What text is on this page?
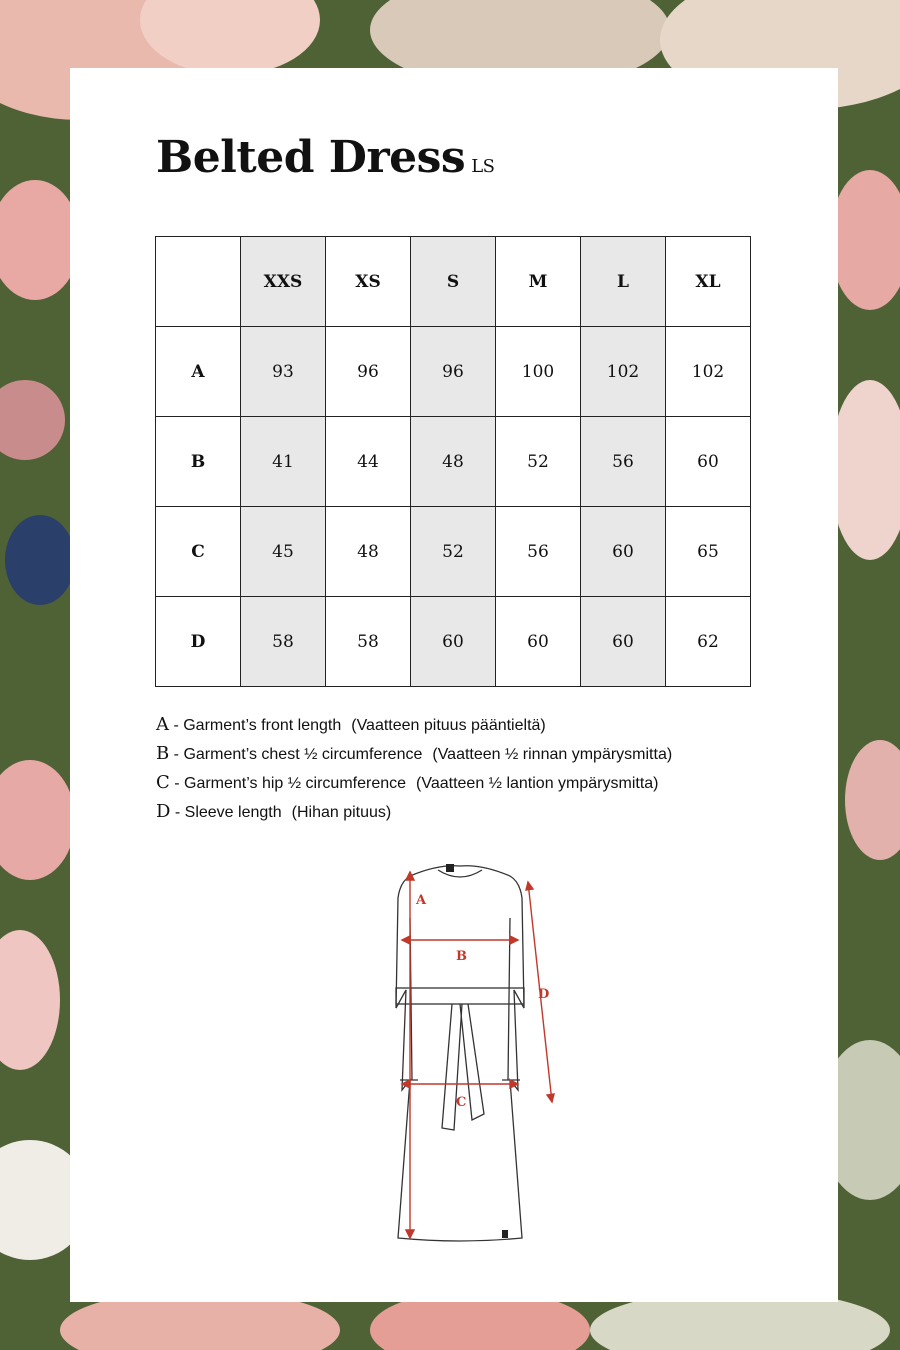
Belted Dress LS
	XXS	XS	S	M	L	XL
A	93	96	96	100	102	102
B	41	44	48	52	56	60
C	45	48	52	56	60	65
D	58	58	60	60	60	62
A - Garment’s front length (Vaatteen pituus pääntieltä)
B - Garment’s chest ½ circumference (Vaatteen ½ rinnan ympärysmitta)
C - Garment’s hip ½ circumference (Vaatteen ½ lantion ympärysmitta)
D - Sleeve length (Hihan pituus)
A
B
C
D
